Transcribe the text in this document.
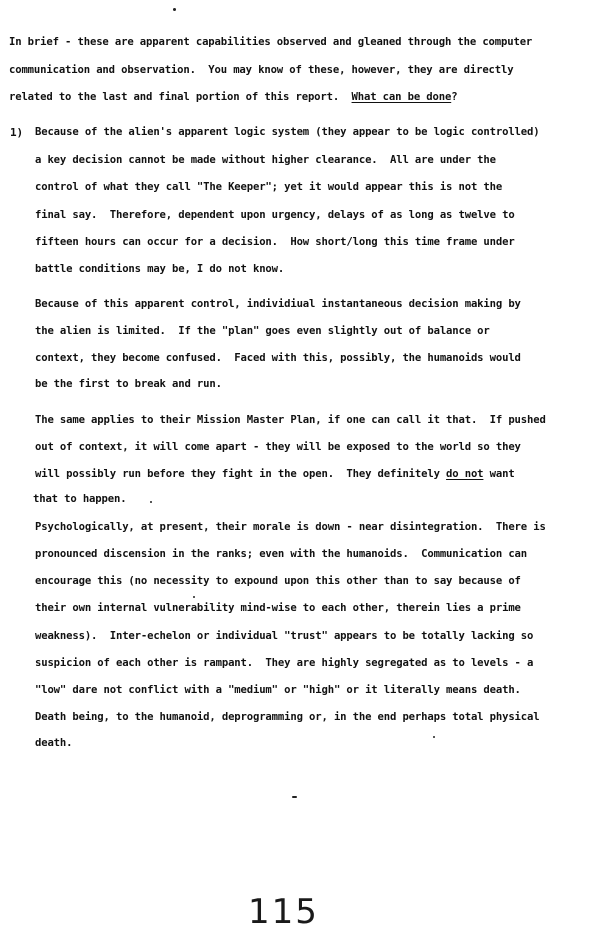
In brief - these are apparent capabilities observed and gleaned through the computer
communication and observation.  You may know of these, however, they are directly
related to the last and final portion of this report.  What can be done?
1) Because of the alien's apparent logic system (they appear to be logic controlled)
a key decision cannot be made without higher clearance.  All are under the
control of what they call "The Keeper"; yet it would appear this is not the
final say.  Therefore, dependent upon urgency, delays of as long as twelve to
fifteen hours can occur for a decision.  How short/long this time frame under
battle conditions may be, I do not know.
Because of this apparent control, individiual instantaneous decision making by
the alien is limited.  If the "plan" goes even slightly out of balance or
context, they become confused.  Faced with this, possibly, the humanoids would
be the first to break and run.
The same applies to their Mission Master Plan, if one can call it that.  If pushed
out of context, it will come apart - they will be exposed to the world so they
will possibly run before they fight in the open.  They definitely do not want
that to happen.
Psychologically, at present, their morale is down - near disintegration.  There is
pronounced discension in the ranks; even with the humanoids.  Communication can
encourage this (no necessity to expound upon this other than to say because of
their own internal vulnerability mind-wise to each other, therein lies a prime
weakness).  Inter-echelon or individual "trust" appears to be totally lacking so
suspicion of each other is rampant.  They are highly segregated as to levels - a
"low" dare not conflict with a "medium" or "high" or it literally means death.
Death being, to the humanoid, deprogramming or, in the end perhaps total physical
death.
115
